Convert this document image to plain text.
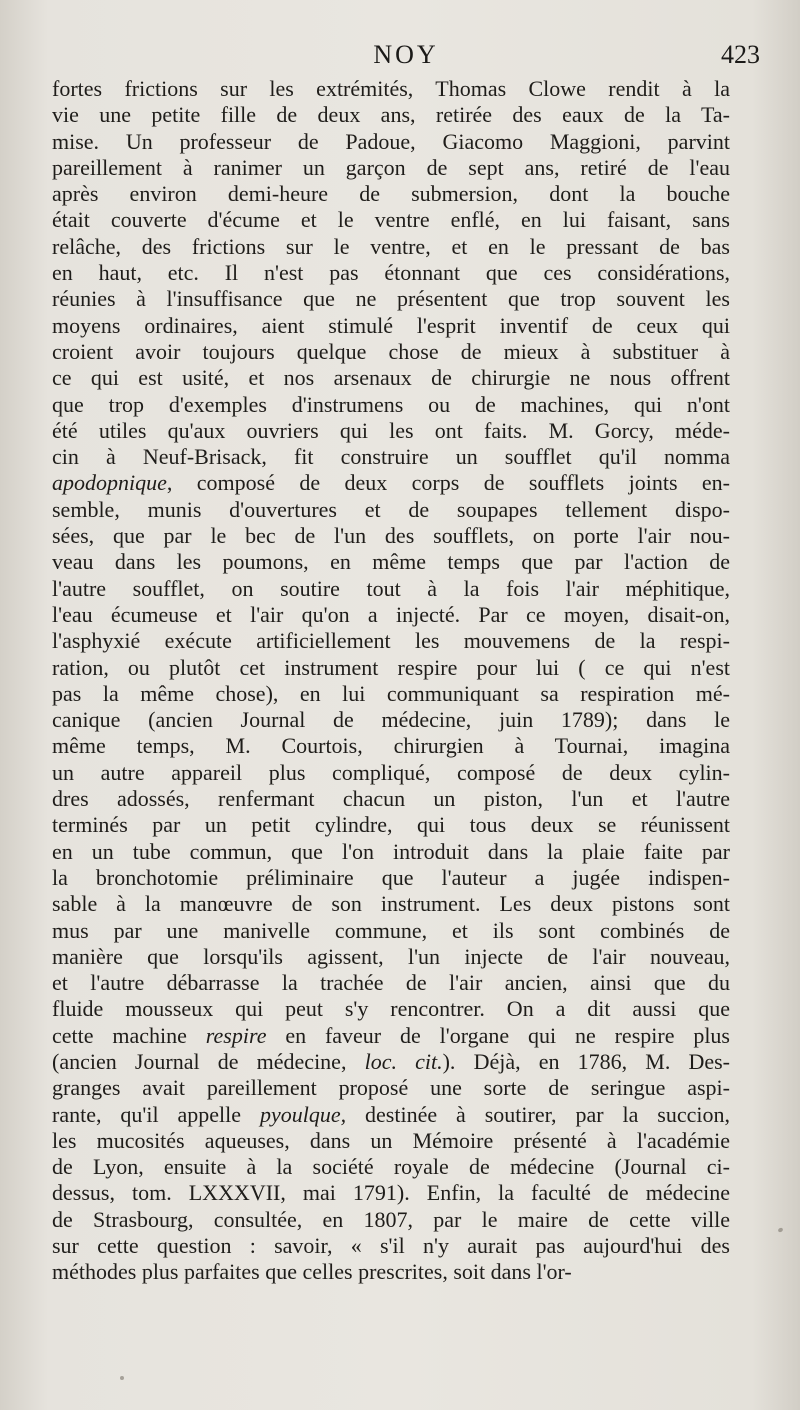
NOY	423
fortes frictions sur les extrémités, Thomas Clowe rendit à la
vie une petite fille de deux ans, retirée des eaux de la Ta-
mise. Un professeur de Padoue, Giacomo Maggioni, parvint
pareillement à ranimer un garçon de sept ans, retiré de l'eau
après environ demi-heure de submersion, dont la bouche
était couverte d'écume et le ventre enflé, en lui faisant, sans
relâche, des frictions sur le ventre, et en le pressant de bas
en haut, etc. Il n'est pas étonnant que ces considérations,
réunies à l'insuffisance que ne présentent que trop souvent les
moyens ordinaires, aient stimulé l'esprit inventif de ceux qui
croient avoir toujours quelque chose de mieux à substituer à
ce qui est usité, et nos arsenaux de chirurgie ne nous offrent
que trop d'exemples d'instrumens ou de machines, qui n'ont
été utiles qu'aux ouvriers qui les ont faits. M. Gorcy, méde-
cin à Neuf-Brisack, fit construire un soufflet qu'il nomma
apodopnique, composé de deux corps de soufflets joints en-
semble, munis d'ouvertures et de soupapes tellement dispo-
sées, que par le bec de l'un des soufflets, on porte l'air nou-
veau dans les poumons, en même temps que par l'action de
l'autre soufflet, on soutire tout à la fois l'air méphitique,
l'eau écumeuse et l'air qu'on a injecté. Par ce moyen, disait-on,
l'asphyxié exécute artificiellement les mouvemens de la respi-
ration, ou plutôt cet instrument respire pour lui ( ce qui n'est
pas la même chose), en lui communiquant sa respiration mé-
canique (ancien Journal de médecine, juin 1789); dans le
même temps, M. Courtois, chirurgien à Tournai, imagina
un autre appareil plus compliqué, composé de deux cylin-
dres adossés, renfermant chacun un piston, l'un et l'autre
terminés par un petit cylindre, qui tous deux se réunissent
en un tube commun, que l'on introduit dans la plaie faite par
la bronchotomie préliminaire que l'auteur a jugée indispen-
sable à la manœuvre de son instrument. Les deux pistons sont
mus par une manivelle commune, et ils sont combinés de
manière que lorsqu'ils agissent, l'un injecte de l'air nouveau,
et l'autre débarrasse la trachée de l'air ancien, ainsi que du
fluide mousseux qui peut s'y rencontrer. On a dit aussi que
cette machine respire en faveur de l'organe qui ne respire plus
(ancien Journal de médecine, loc. cit.). Déjà, en 1786, M. Des-
granges avait pareillement proposé une sorte de seringue aspi-
rante, qu'il appelle pyoulque, destinée à soutirer, par la succion,
les mucosités aqueuses, dans un Mémoire présenté à l'académie
de Lyon, ensuite à la société royale de médecine (Journal ci-
dessus, tom. LXXXVII, mai 1791). Enfin, la faculté de médecine
de Strasbourg, consultée, en 1807, par le maire de cette ville
sur cette question : savoir, « s'il n'y aurait pas aujourd'hui des
méthodes plus parfaites que celles prescrites, soit dans l'or-
